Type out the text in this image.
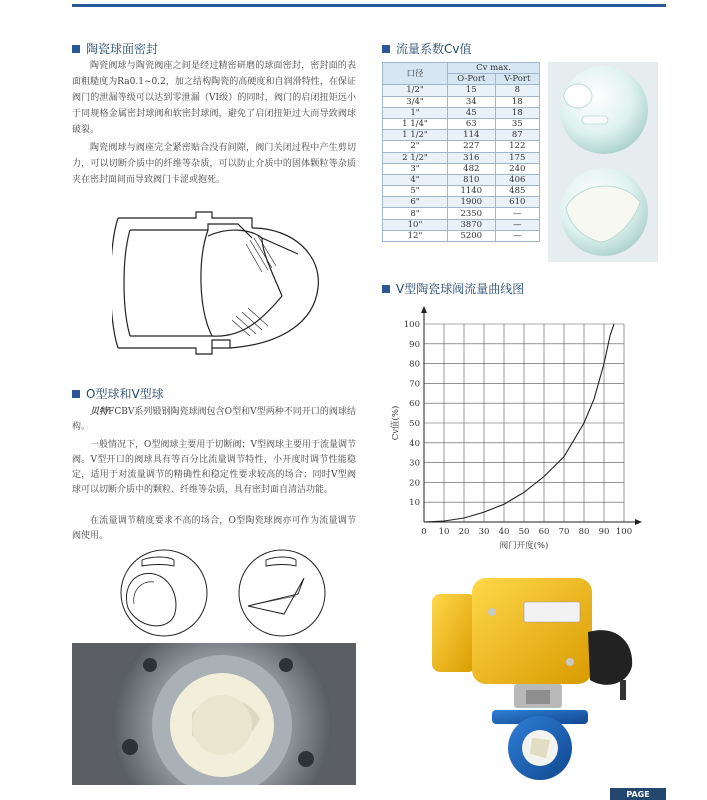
陶瓷球面密封

陶瓷阀球与陶瓷阀座之间是经过精密研磨的球面密封，密封面的表面粗糙度为Ra0.1~0.2，加之结构陶瓷的高硬度和自润滑特性，在保证阀门的泄漏等级可以达到零泄漏（VI级）的同时，阀门的启闭扭矩远小于同规格金属密封球阀和软密封球阀，避免了启闭扭矩过大而导致阀球破裂。

陶瓷阀球与阀座完全紧密贴合没有间隙，阀门关闭过程中产生剪切力，可以切断介质中的纤维等杂质，可以防止介质中的固体颗粒等杂质夹在密封面间而导致阀门卡涩或抱死。

O型球和V型球

贝特FCBV系列锻钢陶瓷球阀包含O型和V型两种不同开口的阀球结构。

一般情况下，O型阀球主要用于切断阀；V型阀球主要用于流量调节阀。V型开口的阀球具有等百分比流量调节特性，小开度时调节性能稳定，适用于对流量调节的精确性和稳定性要求较高的场合；同时V型阀球可以切断介质中的颗粒、纤维等杂质，具有密封面自清洁功能。

在流量调节精度要求不高的场合，O型陶瓷球阀亦可作为流量调节阀使用。

流量系数Cv值
口径	Cv max.	
	O-Port	V-Port
1/2"	15	8
3/4"	34	18
1"	45	18
1 1/4"	63	35
1 1/2"	114	87
2"	227	122
2 1/2"	316	175
3"	482	240
4"	810	406
5"	1140	485
6"	1900	610
8"	2350	—
10"	3870	—
12"	5200	—
V型陶瓷球阀流量曲线图
0 10 20 30 40 50 60 70 80 90 100
10
20
30
40
50
60
70
80
90
100
阀门开度(%)
Cv值(%)
PAGE
